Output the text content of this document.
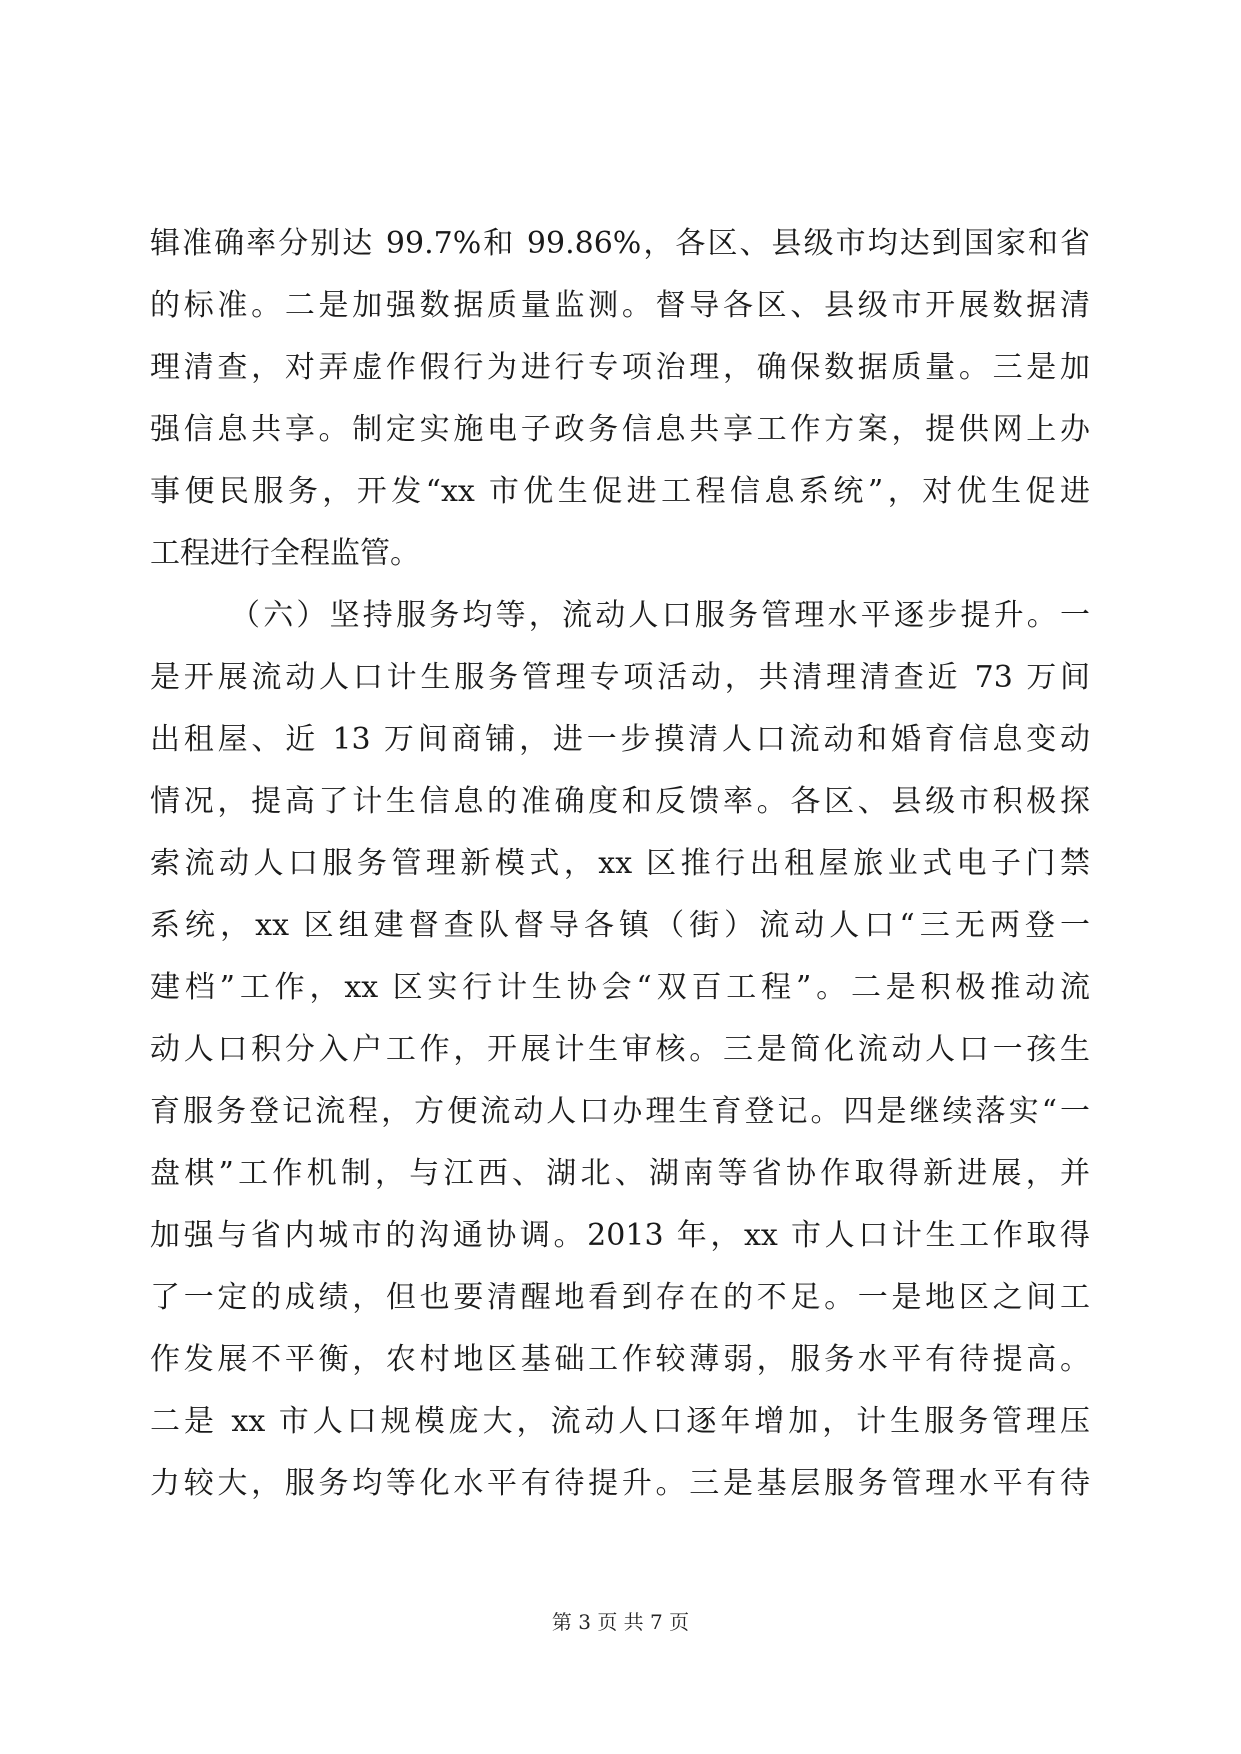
辑准确率分别达 99.7%和 99.86%，各区、县级市均达到国家和省
的标准。二是加强数据质量监测。督导各区、县级市开展数据清
理清查，对弄虚作假行为进行专项治理，确保数据质量。三是加
强信息共享。制定实施电子政务信息共享工作方案，提供网上办
事便民服务，开发“xx 市优生促进工程信息系统”，对优生促进
工程进行全程监管。
（六）坚持服务均等，流动人口服务管理水平逐步提升。一
是开展流动人口计生服务管理专项活动，共清理清查近 73 万间
出租屋、近 13 万间商铺，进一步摸清人口流动和婚育信息变动
情况，提高了计生信息的准确度和反馈率。各区、县级市积极探
索流动人口服务管理新模式，xx 区推行出租屋旅业式电子门禁
系统，xx 区组建督查队督导各镇（街）流动人口“三无两登一
建档”工作，xx 区实行计生协会“双百工程”。二是积极推动流
动人口积分入户工作，开展计生审核。三是简化流动人口一孩生
育服务登记流程，方便流动人口办理生育登记。四是继续落实“一
盘棋”工作机制，与江西、湖北、湖南等省协作取得新进展，并
加强与省内城市的沟通协调。2013 年，xx 市人口计生工作取得
了一定的成绩，但也要清醒地看到存在的不足。一是地区之间工
作发展不平衡，农村地区基础工作较薄弱，服务水平有待提高。
二是 xx 市人口规模庞大，流动人口逐年增加，计生服务管理压
力较大，服务均等化水平有待提升。三是基层服务管理水平有待
第 3 页 共 7 页
